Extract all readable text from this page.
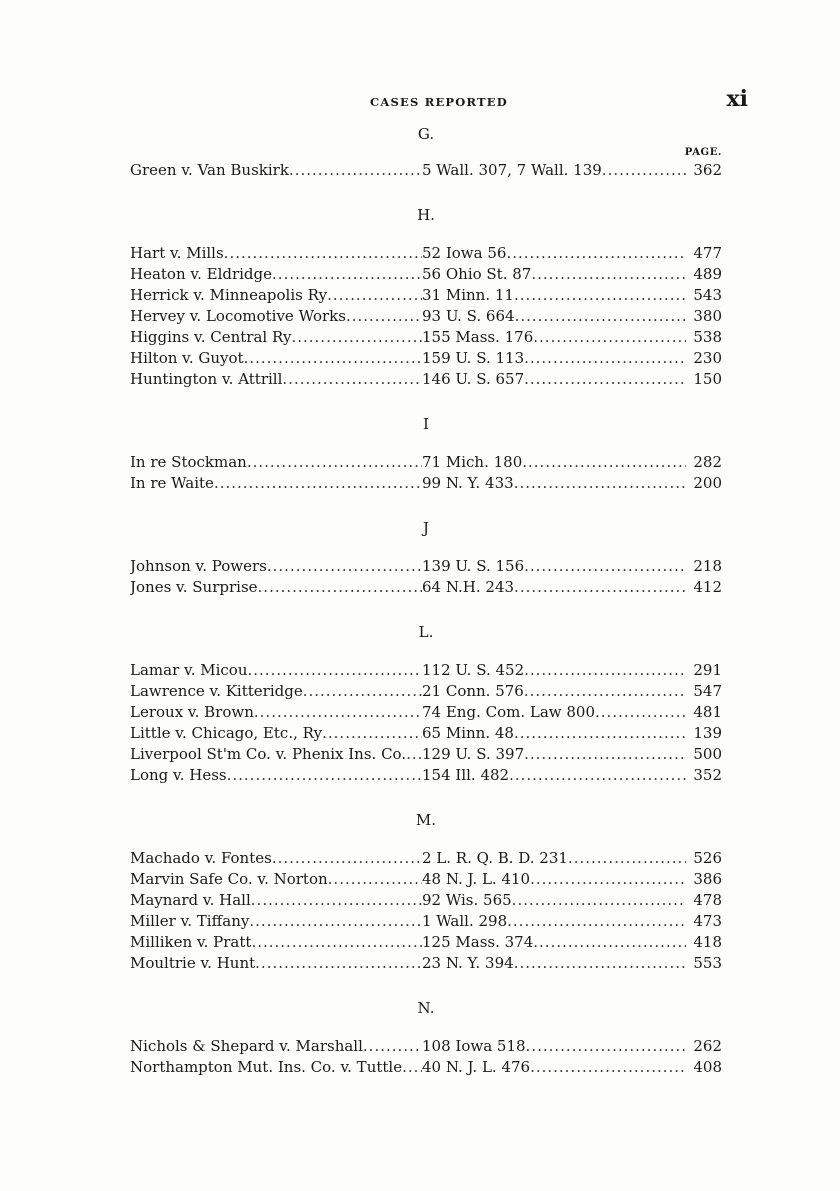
CASES REPORTED	xi
G.
PAGE.
Green v. Van Buskirk .....	5 Wall. 307, 7 Wall. 139 .....	362
H.
Hart v. Mills .....	52 Iowa 56 .....	477
Heaton v. Eldridge .....	56 Ohio St. 87 .....	489
Herrick v. Minneapolis Ry .....	31 Minn. 11 .....	543
Hervey v. Locomotive Works .....	93 U. S. 664 .....	380
Higgins v. Central Ry .....	155 Mass. 176 .....	538
Hilton v. Guyot .....	159 U. S. 113 .....	230
Huntington v. Attrill .....	146 U. S. 657 .....	150
I
In re Stockman .....	71 Mich. 180 .....	282
In re Waite .....	99 N. Y. 433 .....	200
J
Johnson v. Powers .....	139 U. S. 156 .....	218
Jones v. Surprise .....	64 N.H. 243 .....	412
L.
Lamar v. Micou .....	112 U. S. 452 .....	291
Lawrence v. Kitteridge .....	21 Conn. 576 .....	547
Leroux v. Brown .....	74 Eng. Com. Law 800 .....	481
Little v. Chicago, Etc., Ry .....	65 Minn. 48 .....	139
Liverpool St'm Co. v. Phenix Ins. Co. ..... 129 U. S. 397 .....	500
Long v. Hess .....	154 Ill. 482 .....	352
M.
Machado v. Fontes .....	2 L. R. Q. B. D. 231 .....	526
Marvin Safe Co. v. Norton .....	48 N. J. L. 410 .....	386
Maynard v. Hall .....	92 Wis. 565 .....	478
Miller v. Tiffany .....	1 Wall. 298 .....	473
Milliken v. Pratt .....	125 Mass. 374 .....	418
Moultrie v. Hunt .....	23 N. Y. 394 .....	553
N.
Nichols & Shepard v. Marshall .....	108 Iowa 518 .....	262
Northampton Mut. Ins. Co. v. Tuttle ..... 40 N. J. L. 476 .....	408
